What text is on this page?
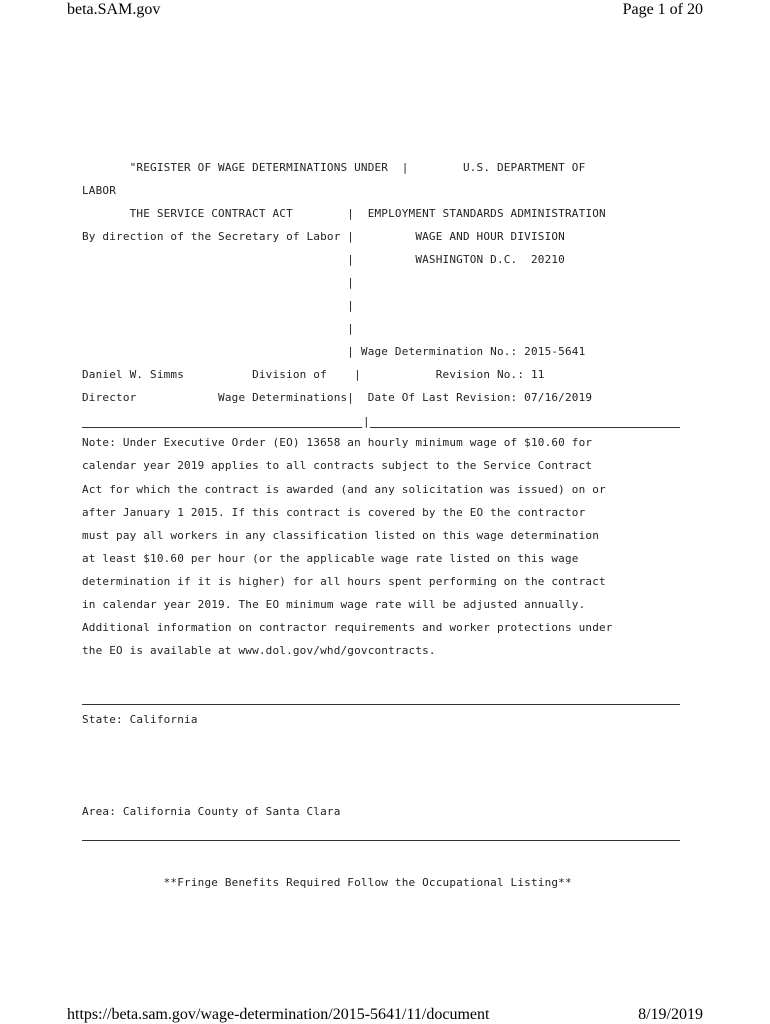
beta.SAM.gov	Page 1 of 20
"REGISTER OF WAGE DETERMINATIONS UNDER  |        U.S. DEPARTMENT OF
LABOR
THE SERVICE CONTRACT ACT        |  EMPLOYMENT STANDARDS ADMINISTRATION
By direction of the Secretary of Labor |         WAGE AND HOUR DIVISION
|         WASHINGTON D.C.  20210
|
|
|
| Wage Determination No.: 2015-5641
Daniel W. Simms          Division of    |           Revision No.: 11
Director            Wage Determinations|  Date Of Last Revision: 07/16/2019
|
Note: Under Executive Order (EO) 13658 an hourly minimum wage of $10.60 for
calendar year 2019 applies to all contracts subject to the Service Contract
Act for which the contract is awarded (and any solicitation was issued) on or
after January 1 2015. If this contract is covered by the EO the contractor
must pay all workers in any classification listed on this wage determination
at least $10.60 per hour (or the applicable wage rate listed on this wage
determination if it is higher) for all hours spent performing on the contract
in calendar year 2019. The EO minimum wage rate will be adjusted annually.
Additional information on contractor requirements and worker protections under
the EO is available at www.dol.gov/whd/govcontracts.
State: California
Area: California County of Santa Clara
**Fringe Benefits Required Follow the Occupational Listing**
https://beta.sam.gov/wage-determination/2015-5641/11/document	8/19/2019
